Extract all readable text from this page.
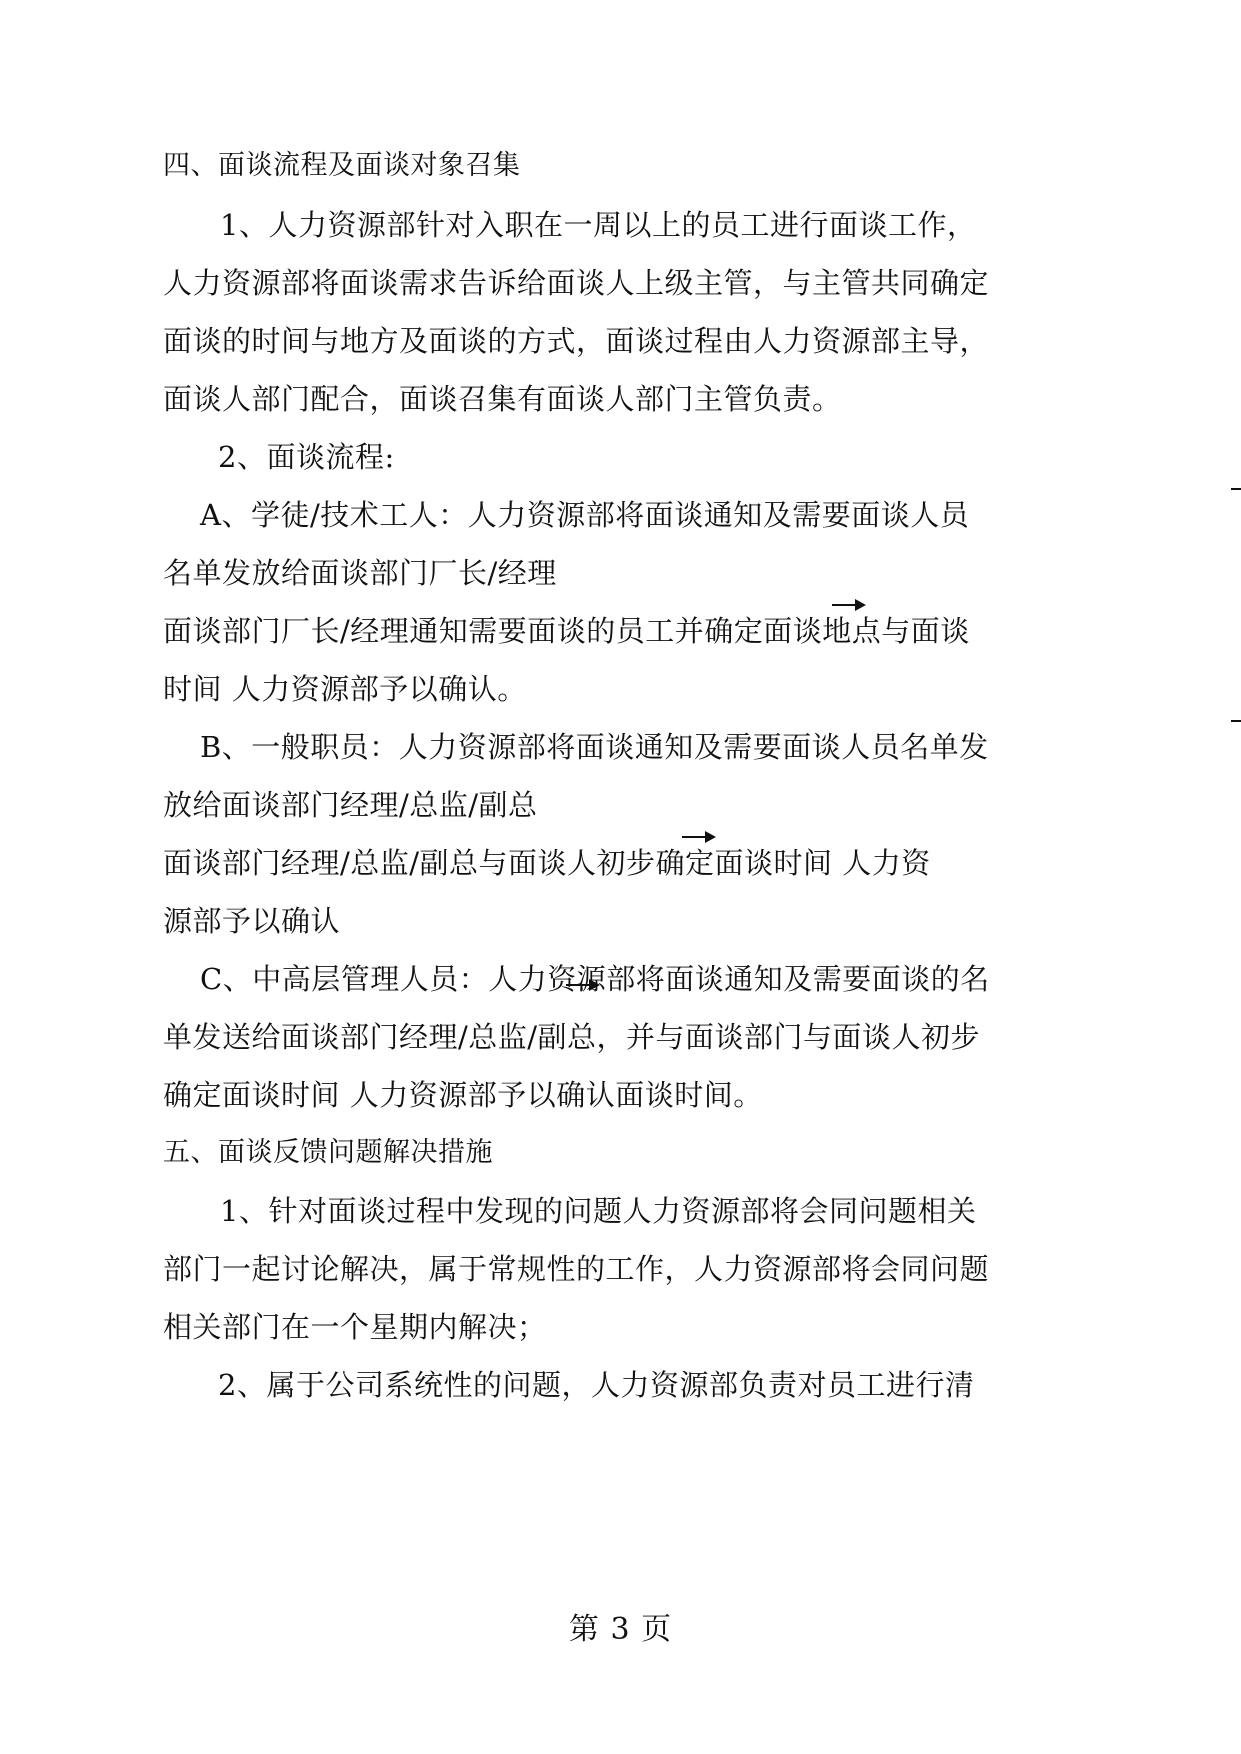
四、面谈流程及面谈对象召集
1、人力资源部针对入职在一周以上的员工进行面谈工作，
人力资源部将面谈需求告诉给面谈人上级主管，与主管共同确定
面谈的时间与地方及面谈的方式，面谈过程由人力资源部主导，
面谈人部门配合，面谈召集有面谈人部门主管负责。
2、面谈流程:
A、学徒/技术工人：人力资源部将面谈通知及需要面谈人员
名单发放给面谈部门厂长/经理
面谈部门厂长/经理通知需要面谈的员工并确定面谈地点与面谈
时间 人力资源部予以确认。
B、一般职员：人力资源部将面谈通知及需要面谈人员名单发
放给面谈部门经理/总监/副总
面谈部门经理/总监/副总与面谈人初步确定面谈时间 人力资
源部予以确认
C、中高层管理人员：人力资源部将面谈通知及需要面谈的名
单发送给面谈部门经理/总监/副总，并与面谈部门与面谈人初步
确定面谈时间 人力资源部予以确认面谈时间。
五、面谈反馈问题解决措施
1、针对面谈过程中发现的问题人力资源部将会同问题相关
部门一起讨论解决，属于常规性的工作，人力资源部将会同问题
相关部门在一个星期内解决；
2、属于公司系统性的问题，人力资源部负责对员工进行清
第 3 页
